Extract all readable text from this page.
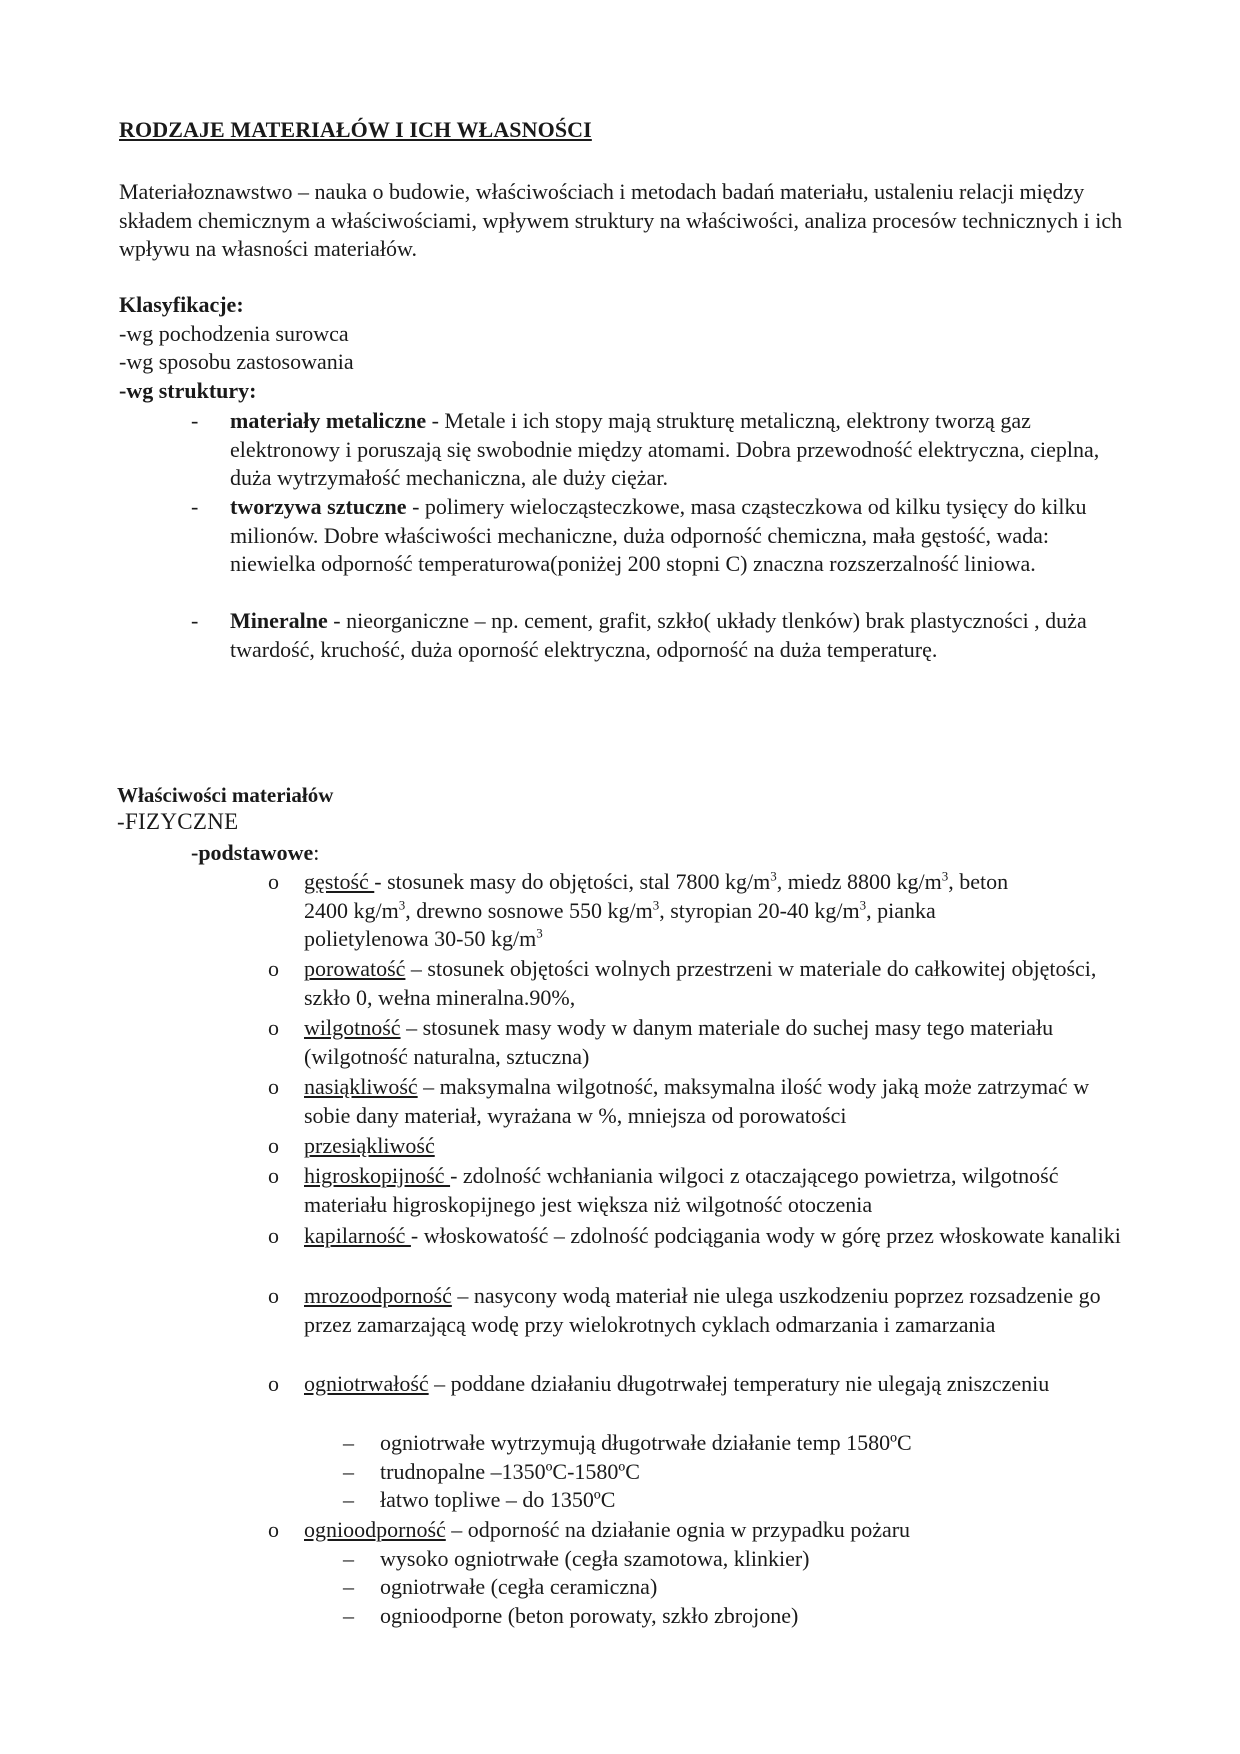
RODZAJE MATERIAŁÓW I ICH WŁASNOŚCI

Materiałoznawstwo – nauka o budowie, właściwościach i metodach badań materiału, ustaleniu relacji między składem chemicznym a właściwościami, wpływem struktury na właściwości, analiza procesów technicznych i ich wpływu na własności materiałów.

Klasyfikacje:

-wg pochodzenia surowca

-wg sposobu zastosowania

-wg struktury:

- materiały metaliczne - Metale i ich stopy mają strukturę metaliczną, elektrony tworzą gaz elektronowy i poruszają się swobodnie między atomami. Dobra przewodność elektryczna, cieplna, duża wytrzymałość mechaniczna, ale duży ciężar.

- tworzywa sztuczne - polimery wielocząsteczkowe, masa cząsteczkowa od kilku tysięcy do kilku milionów. Dobre właściwości mechaniczne, duża odporność chemiczna, mała gęstość, wada: niewielka odporność temperaturowa(poniżej 200 stopni C) znaczna rozszerzalność liniowa.

- Mineralne - nieorganiczne – np. cement, grafit, szkło( układy tlenków) brak plastyczności , duża twardość, kruchość, duża oporność elektryczna, odporność na duża temperaturę.

Właściwości materiałów
-FIZYCZNE
-podstawowe:
o gęstość - stosunek masy do objętości, stal 7800 $kg/m^3$, miedz 8800 $kg/m^3$, beton
2400 $kg/m^3$, drewno sosnowe 550 $kg/m^3$, styropian 20-40 $kg/m^3$, pianka
polietylenowa 30-50 $kg/m^3$

o porowatość – stosunek objętości wolnych przestrzeni w materiale do całkowitej objętości, szkło 0, wełna mineralna.90%,

o wilgotność – stosunek masy wody w danym materiale do suchej masy tego materiału (wilgotność naturalna, sztuczna)

o nasiąkliwość – maksymalna wilgotność, maksymalna ilość wody jaką może zatrzymać w sobie dany materiał, wyrażana w %, mniejsza od porowatości

o przesiąkliwość

o higroskopijność - zdolność wchłaniania wilgoci z otaczającego powietrza, wilgotność materiału higroskopijnego jest większa niż wilgotność otoczenia

o kapilarność - włoskowatość – zdolność podciągania wody w górę przez włoskowate kanaliki

o mrozoodporność – nasycony wodą materiał nie ulega uszkodzeniu poprzez rozsadzenie go przez zamarzającą wodę przy wielokrotnych cyklach odmarzania i zamarzania

o ogniotrwałość – poddane działaniu długotrwałej temperatury nie ulegają zniszczeniu

– ogniotrwałe wytrzymują długotrwałe działanie temp 1580ºC

– trudnopalne –1350ºC-1580ºC

– łatwo topliwe – do 1350ºC

o ognioodporność – odporność na działanie ognia w przypadku pożaru

– wysoko ogniotrwałe (cegła szamotowa, klinkier)

– ogniotrwałe (cegła ceramiczna)

– ognioodporne (beton porowaty, szkło zbrojone)
